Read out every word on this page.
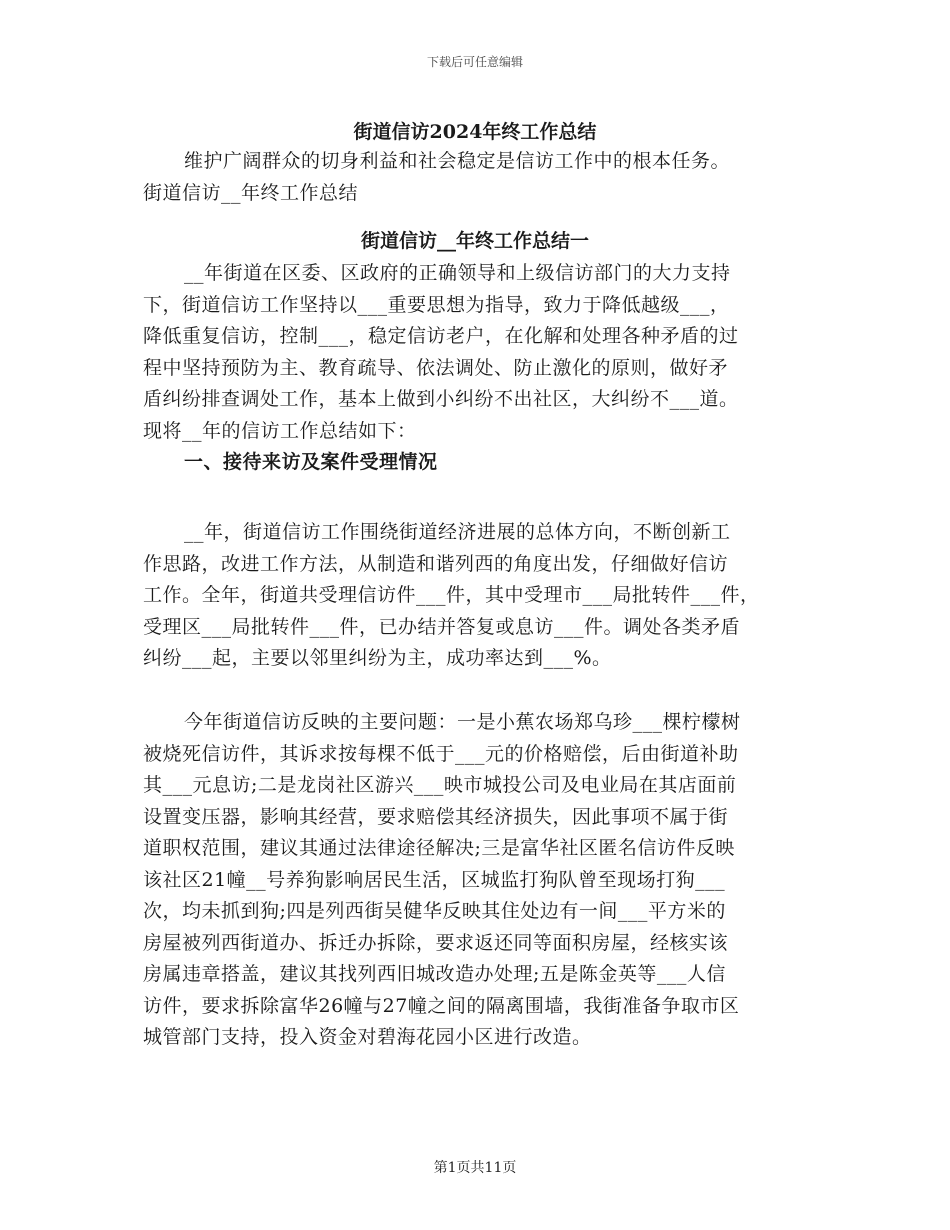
下载后可任意编辑
街道信访2024年终工作总结
维护广阔群众的切身利益和社会稳定是信访工作中的根本任务。
街道信访__年终工作总结
街道信访__年终工作总结一
__年街道在区委、区政府的正确领导和上级信访部门的大力支持
下，街道信访工作坚持以___重要思想为指导，致力于降低越级___，
降低重复信访，控制___，稳定信访老户，在化解和处理各种矛盾的过
程中坚持预防为主、教育疏导、依法调处、防止激化的原则，做好矛
盾纠纷排查调处工作，基本上做到小纠纷不出社区，大纠纷不___道。
现将__年的信访工作总结如下：
一、接待来访及案件受理情况
__年，街道信访工作围绕街道经济进展的总体方向，不断创新工
作思路，改进工作方法，从制造和谐列西的角度出发，仔细做好信访
工作。全年，街道共受理信访件___件，其中受理市___局批转件___件，
受理区___局批转件___件，已办结并答复或息访___件。调处各类矛盾
纠纷___起，主要以邻里纠纷为主，成功率达到___%。
今年街道信访反映的主要问题：一是小蕉农场郑乌珍___棵柠檬树
被烧死信访件，其诉求按每棵不低于___元的价格赔偿，后由街道补助
其___元息访;二是龙岗社区游兴___映市城投公司及电业局在其店面前
设置变压器，影响其经营，要求赔偿其经济损失，因此事项不属于街
道职权范围，建议其通过法律途径解决;三是富华社区匿名信访件反映
该社区21幢__号养狗影响居民生活，区城监打狗队曾至现场打狗___
次，均未抓到狗;四是列西街吴健华反映其住处边有一间___平方米的
房屋被列西街道办、拆迁办拆除，要求返还同等面积房屋，经核实该
房属违章搭盖，建议其找列西旧城改造办处理;五是陈金英等___人信
访件，要求拆除富华26幢与27幢之间的隔离围墙，我街准备争取市区
城管部门支持，投入资金对碧海花园小区进行改造。
第1页共11页
